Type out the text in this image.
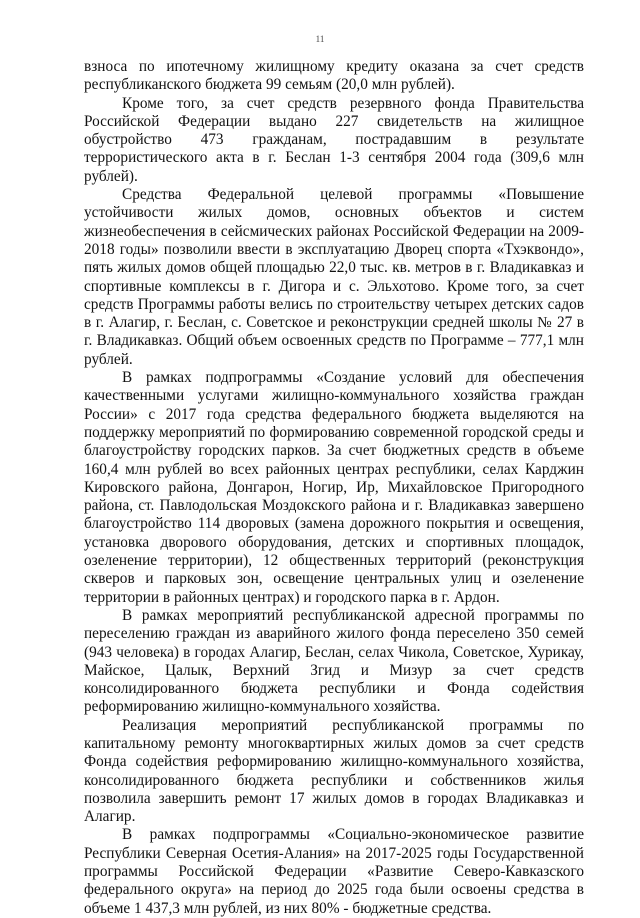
11

взноса по ипотечному жилищному кредиту оказана за счет средств республиканского бюджета 99 семьям (20,0 млн рублей).

Кроме того, за счет средств резервного фонда Правительства Российской Федерации выдано 227 свидетельств на жилищное обустройство 473 гражданам, пострадавшим в результате террористического акта в г. Беслан 1-3 сентября 2004 года (309,6 млн рублей).

Средства Федеральной целевой программы «Повышение устойчивости жилых домов, основных объектов и систем жизнеобеспечения в сейсмических районах Российской Федерации на 2009-2018 годы» позволили ввести в эксплуатацию Дворец спорта «Тхэквондо», пять жилых домов общей площадью 22,0 тыс. кв. метров в г. Владикавказ и спортивные комплексы в г. Дигора и с. Эльхотово. Кроме того, за счет средств Программы работы велись по строительству четырех детских садов в г. Алагир, г. Беслан, с. Советское и реконструкции средней школы № 27 в г. Владикавказ. Общий объем освоенных средств по Программе – 777,1 млн рублей.

В рамках подпрограммы «Создание условий для обеспечения качественными услугами жилищно-коммунального хозяйства граждан России» с 2017 года средства федерального бюджета выделяются на поддержку мероприятий по формированию современной городской среды и благоустройству городских парков. За счет бюджетных средств в объеме 160,4 млн рублей во всех районных центрах республики, селах Карджин Кировского района, Донгарон, Ногир, Ир, Михайловское Пригородного района, ст. Павлодольская Моздокского района и г. Владикавказ завершено благоустройство 114 дворовых (замена дорожного покрытия и освещения, установка дворового оборудования, детских и спортивных площадок, озеленение территории), 12 общественных территорий (реконструкция скверов и парковых зон, освещение центральных улиц и озеленение территории в районных центрах) и городского парка в г. Ардон.

В рамках мероприятий республиканской адресной программы по переселению граждан из аварийного жилого фонда переселено 350 семей (943 человека) в городах Алагир, Беслан, селах Чикола, Советское, Хурикау, Майское, Цалык, Верхний Згид и Мизур за счет средств консолидированного бюджета республики и Фонда содействия реформированию жилищно-коммунального хозяйства.

Реализация мероприятий республиканской программы по капитальному ремонту многоквартирных жилых домов за счет средств Фонда содействия реформированию жилищно-коммунального хозяйства, консолидированного бюджета республики и собственников жилья позволила завершить ремонт 17 жилых домов в городах Владикавказ и Алагир.

В рамках подпрограммы «Социально-экономическое развитие Республики Северная Осетия-Алания» на 2017-2025 годы Государственной программы Российской Федерации «Развитие Северо-Кавказского федерального округа» на период до 2025 года были освоены средства в объеме 1 437,3 млн рублей, из них 80% - бюджетные средства.
